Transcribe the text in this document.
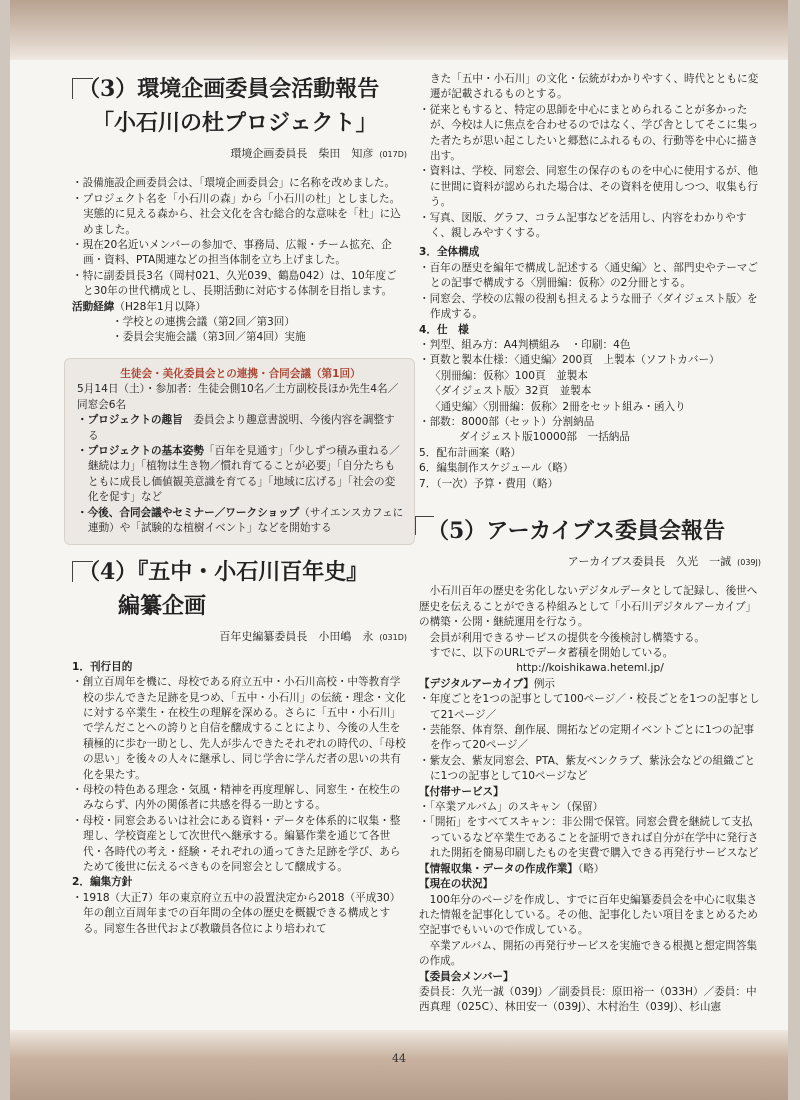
44
（3）環境企画委員会活動報告
「小石川の杜プロジェクト」
環境企画委員長　柴田　知彦 (017D)

・設備施設企画委員会は、「環境企画委員会」に名称を改めました。

・プロジェクト名を「小石川の森」から「小石川の杜」としました。実態的に見える森から、社会文化を含む総合的な意味を「杜」に込めました。

・現在20名近いメンバーの参加で、事務局、広報・チーム拡充、企画・資料、PTA関連などの担当体制を立ち上げました。

・特に副委員長3名（岡村021、久光039、鶴島042）は、10年度ごと30年の世代構成とし、長期活動に対応する体制を目指します。

活動経緯（H28年1月以降）

・学校との連携会議（第2回／第3回）

・委員会実施会議（第3回／第4回）実施

生徒会・美化委員会との連携・合同会議（第1回）

5月14日（土）・参加者：生徒会側10名／土方副校長ほか先生4名／同窓会6名

・プロジェクトの趣旨　委員会より趣意書説明、今後内容を調整する

・プロジェクトの基本姿勢「百年を見通す」「少しずつ積み重ねる／継続は力」「植物は生き物／慣れ育てることが必要」「自分たちもともに成長し価値観美意識を育てる」「地域に広げる」「社会の変化を促す」など

・今後、合同会議やセミナー／ワークショップ（サイエンスカフェに連動）や「試験的な植樹イベント」などを開始する

（4）『五中・小石川百年史』
編纂企画
百年史編纂委員長　小田嶋　永 (031D)

1．刊行目的

・創立百周年を機に、母校である府立五中・小石川高校・中等教育学校の歩んできた足跡を見つめ、「五中・小石川」の伝統・理念・文化に対する卒業生・在校生の理解を深める。さらに「五中・小石川」で学んだことへの誇りと自信を醸成することにより、今後の人生を積極的に歩む一助とし、先人が歩んできたそれぞれの時代の、「母校の思い」を後々の人々に継承し、同じ学舎に学んだ者の思いの共有化を果たす。

・母校の特色ある理念・気風・精神を再度理解し、同窓生・在校生のみならず、内外の関係者に共感を得る一助とする。

・母校・同窓会あるいは社会にある資料・データを体系的に収集・整理し、学校資産として次世代へ継承する。編纂作業を通じて各世代・各時代の考え・経験・それぞれの通ってきた足跡を学び、あらためて後世に伝えるべきものを同窓会として醸成する。

2．編集方針

・1918（大正7）年の東京府立五中の設置決定から2018（平成30）年の創立百周年までの百年間の全体の歴史を概観できる構成とする。同窓生各世代および教職員各位により培われて

きた「五中・小石川」の文化・伝統がわかりやすく、時代とともに変遷が記載されるものとする。

・従来ともすると、特定の思師を中心にまとめられることが多かったが、今校は人に焦点を合わせるのではなく、学び舎としてそこに集った者たちが思い起こしたいと郷愁にふれるもの、行動等を中心に描き出す。

・資料は、学校、同窓会、同窓生の保存のものを中心に使用するが、他に世間に資料が認められた場合は、その資料を使用しつつ、収集も行う。

・写真、図版、グラフ、コラム記事などを活用し、内容をわかりやすく、親しみやすくする。

3．全体構成

・百年の歴史を編年で構成し記述する〈通史編〉と、部門史やテーマごとの記事で構成する〈別冊編：仮称〉の2分冊とする。

・同窓会、学校の広報の役割も担えるような冊子〈ダイジェスト版〉を作成する。

4．仕　様

・判型、組み方：A4判横組み　・印刷：4色

・頁数と製本仕様：〈通史編〉200頁　上製本（ソフトカバー）

〈別冊編：仮称〉100頁　並製本

〈ダイジェスト版〉32頁　並製本

〈通史編〉〈別冊編：仮称〉2冊をセット組み・函入り

・部数：8000部（セット）分割納品

ダイジェスト版10000部　一括納品

5．配布計画案（略）

6．編集制作スケジュール（略）

7．（一次）予算・費用（略）

（5）アーカイブス委員会報告
アーカイブス委員長　久光　一誠 (039J)

小石川百年の歴史を劣化しないデジタルデータとして記録し、後世へ歴史を伝えることができる枠組みとして「小石川デジタルアーカイブ」の構築・公開・継続運用を行なう。

会員が利用できるサービスの提供を今後検討し構築する。

すでに、以下のURLでデータ蓄積を開始している。

http://koishikawa.heteml.jp/

【デジタルアーカイブ】例示

・年度ごとを1つの記事として100ページ／・校長ごとを1つの記事として21ページ／

・芸能祭、体育祭、創作展、開拓などの定期イベントごとに1つの記事を作って20ページ／

・紫友会、紫友同窓会、PTA、紫友ベンクラブ、紫泳会などの組織ごとに1つの記事として10ページなど

【付帯サービス】

・「卒業アルバム」のスキャン（保留）

・「開拓」をすべてスキャン：非公開で保管。同窓会費を継続して支払っているなど卒業生であることを証明できれば自分が在学中に発行された開拓を簡易印刷したものを実費で購入できる再発行サービスなど

【情報収集・データの作成作業】（略）

【現在の状況】

100年分のページを作成し、すでに百年史編纂委員会を中心に収集された情報を記事化している。その他、記事化したい項目をまとめるため空記事でもいいので作成している。

卒業アルバム、開拓の再発行サービスを実施できる根拠と想定問答集の作成。

【委員会メンバー】

委員長：久光一誠（039J）／副委員長：原田裕一（033H）／委員：中西真理（025C）、林田安一（039J）、木村治生（039J）、杉山憲
